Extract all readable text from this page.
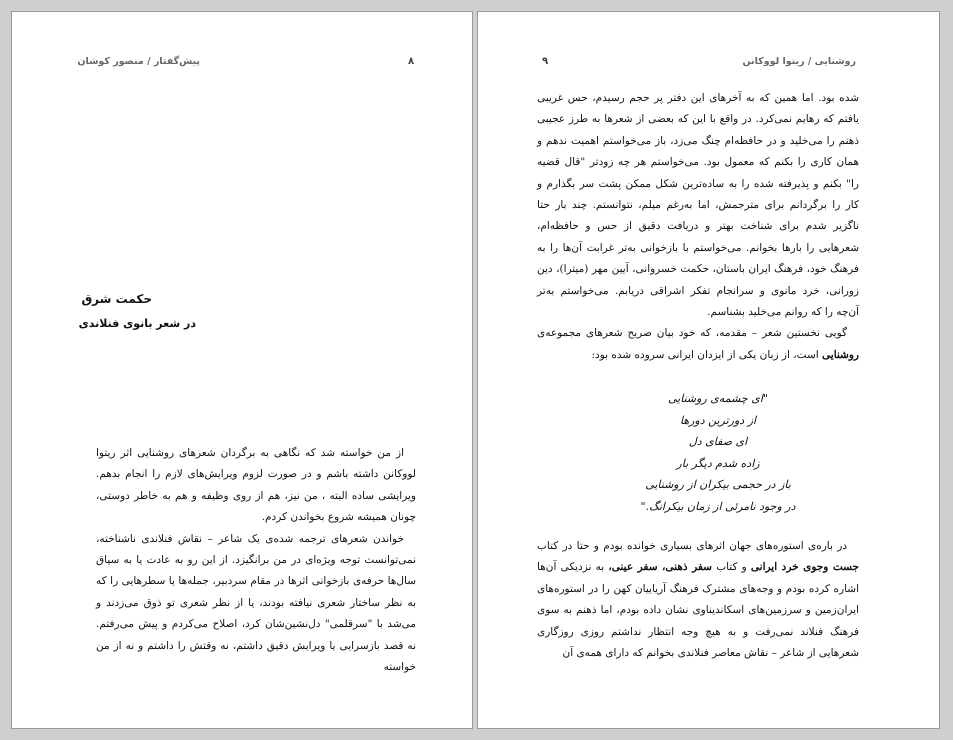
پیش‌گفتار / منصور کوشان	۸
حکمت شرق
در شعر بانوی فنلاندی

از من خواسته شد که نگاهی به برگردان شعرهای روشنایی اثر ریتوا لووکانن داشته باشم و در صورت لزوم ویرایش‌های لازم را انجام بدهم. ویرایشی ساده البته ، من نیز، هم از روی وظیفه و هم به خاطر دوستی، چونان همیشه شروع بخواندن کردم.

خواندن شعرهای ترجمه شده‌ی یک شاعر – نقاش فنلاندی ناشناخته، نمی‌توانست توجه ویژه‌ای در من برانگیزد. از این رو به عادت یا به سیاق سال‌ها حرفه‌ی بازخوانی اثرها در مقام سردبیر، جمله‌ها یا سطرهایی را که به نظر ساختار شعری نیافته بودند، یا از نظر شعری تو ذوق می‌زدند و می‌شد با "سرقلمی" دل‌نشین‌شان کرد، اصلاح می‌کردم و پیش می‌رفتم. نه قصد بازسرایی یا ویرایش دقیق داشتم، نه وقتش را داشتم و نه از من خواسته

روشنایی / ریتوا لووکانن
۹

شده بود. اما همین که به آخرهای این دفتر پر حجم رسیدم، حس غریبی یافتم که رهایم نمی‌کرد. در واقع با این که بعضی از شعرها به طرز عجیبی ذهنم را می‌خلید و در حافظه‌ام چنگ می‌زد، باز می‌خواستم اهمیت ندهم و همان کاری را بکنم که معمول بود. می‌خواستم هر چه زودتر "قال قضیه را" بکنم و پذیرفته شده را به ساده‌ترین شکل ممکن پشت سر بگذارم و کار را برگردانم برای مترجمش، اما به‌رغم میلم، نتوانستم. چند بار حتا ناگزیر شدم برای شناخت بهتر و دریافت دقیق از حس و حافظه‌ام، شعرهایی را بارها بخوانم. می‌خواستم با بازخوانی به‌تر غرابت آن‌ها را به فرهنگ خود، فرهنگ ایران باستان، حکمت خسروانی، آیین مهر (میترا)، دین زورانی، خرد مانوی و سرانجام تفکر اشراقی دریابم. می‌خواستم به‌تر آن‌چه را که روانم می‌خلید بشناسم.

گویی نخستین شعر – مقدمه، که خود بیان صریح شعرهای مجموعه‌ی روشنایی است، از زبان یکی از ایزدان ایرانی سروده شده بود:

"ای چشمه‌ی روشنایی
از دورترین دورها
ای صفای دل
زاده شدم دیگر بار
باز در حجمی بیکران از روشنایی
در وجود نامرئی از زمان بیکرانگ."

در باره‌ی استوره‌های جهان اثرهای بسیاری خوانده بودم و حتا در کتاب جست وجوی خرد ایرانی و کتاب سفر ذهنی، سفر عینی، به نزدیکی آن‌ها اشاره کرده بودم و وجه‌های مشترک فرهنگ آریاییان کهن را در استوره‌های ایران‌زمین و سرزمین‌های اسکاندیناوی نشان داده بودم، اما ذهنم به سوی فرهنگ فنلاند نمی‌رفت و به هیچ وجه انتظار نداشتم روزی روزگاری شعرهایی از شاعر – نقاش معاصر فنلاندی بخوانم که دارای همه‌ی آن
